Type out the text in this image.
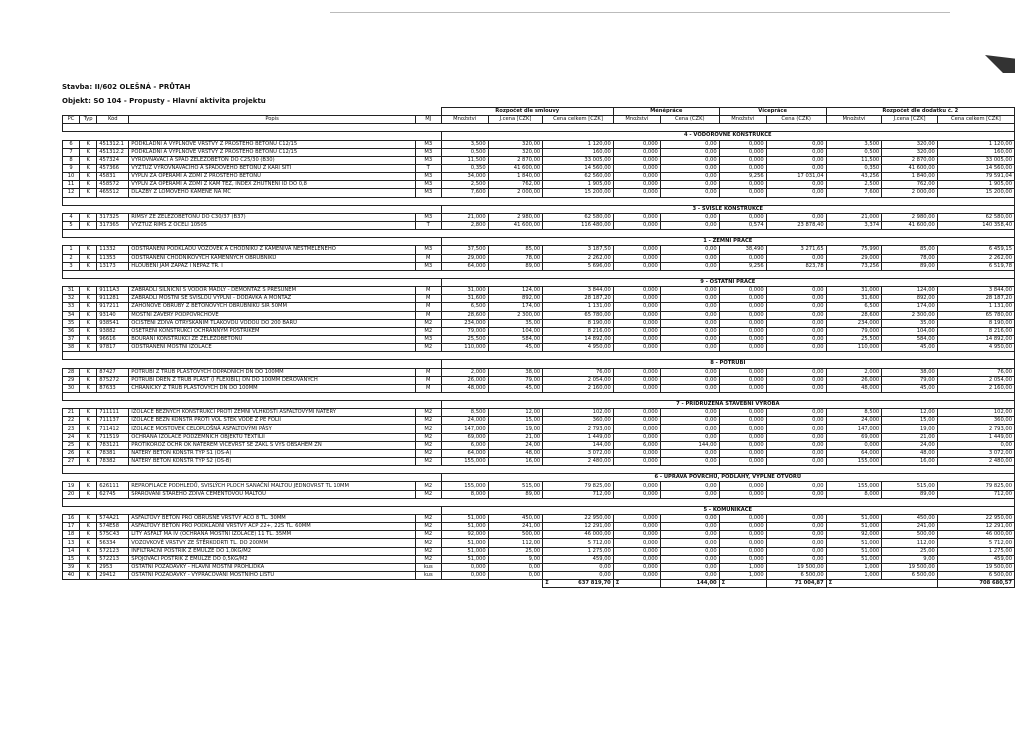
Stavba: II/602 OLEŠNÁ - PRŮTAH
Objekt: SO 104 - Propusty - Hlavní aktivita projektu
					Rozpočet dle smlouvy			Méněpráce		Vícepráce		Rozpočet dle dodatku č. 2		
PČ	Typ	Kód	Popis	MJ	Množství	J.cena [CZK]	Cena celkem [CZK]	Množství	Cena (CZK)	Množství	Cena (CZK)	Množství	J.cena [CZK]	Cena celkem [CZK]

					4 - VODOROVNÉ KONSTRUKCE									
6	K	451312.1	PODKLADNÍ A VÝPLŇOVÉ VRSTVY Z PROSTÉHO BETONU C12/15	M3	3,500	320,00	1 120,00	0,000	0,00	0,000	0,00	3,500	320,00	1 120,00
7	K	451312.2	PODKLADNÍ A VÝPLŇOVÉ VRSTVY Z PROSTÉHO BETONU C12/15	M3	0,500	320,00	160,00	0,000	0,00	0,000	0,00	0,500	320,00	160,00
8	K	457324	VYROVNÁVACÍ A SPÁD ŽELEZOBETON DO C25/30 (B30)	M3	11,500	2 870,00	33 005,00	0,000	0,00	0,000	0,00	11,500	2 870,00	33 005,00
9	K	457366	VÝZTUŽ VYROVNÁVACÍHO A SPÁDOVÉHO BETONU Z KARI SÍTÍ	T	0,350	41 600,00	14 560,00	0,000	0,00	0,000	0,00	0,350	41 600,00	14 560,00
10	K	45831	VÝPLŇ ZA OPĚRAMI A ZDMI Z PROSTÉHO BETONU	M3	34,000	1 840,00	62 560,00	0,000	0,00	9,256	17 031,04	43,256	1 840,00	79 591,04
11	K	458572	VÝPLŇ ZA OPĚRAMI A ZDMI Z KAM TĚŽ, INDEX ZHUTNĚNÍ ID DO 0,8	M3	2,500	762,00	1 905,00	0,000	0,00	0,000	0,00	2,500	762,00	1 905,00
12	K	465512	DLAŽBY Z LOMOVÉHO KAMENE NA MC	M3	7,600	2 000,00	15 200,00	0,000	0,00	0,000	0,00	7,600	2 000,00	15 200,00

					3 - SVISLÉ KONSTRUKCE									
4	K	317325	ŘÍMSY ZE ŽELEZOBETONU DO C30/37 (B37)	M3	21,000	2 980,00	62 580,00	0,000	0,00	0,000	0,00	21,000	2 980,00	62 580,00
5	K	317365	VÝZTUŽ ŘÍMS Z OCELI 10505	T	2,800	41 600,00	116 480,00	0,000	0,00	0,574	23 878,40	3,374	41 600,00	140 358,40

					1 - ZEMNÍ PRÁCE									
1	K	11332	ODSTRANĚNÍ PODKLADŮ VOZOVEK A CHODNÍKŮ Z KAMENIVA NESTMELENÉHO	M3	37,500	85,00	3 187,50	0,000	0,00	38,490	3 271,65	75,990	85,00	6 459,15
2	K	11353	ODSTRANĚNÍ CHODNÍKOVÝCH KAMENNÝCH OBRUBNÍKŮ	M	29,000	78,00	2 262,00	0,000	0,00	0,000	0,00	29,000	78,00	2 262,00
3	K	13173	HLOUBENÍ JAM ZAPAŽ I NEPAŽ TŘ. I	M3	64,000	89,00	5 696,00	0,000	0,00	9,256	823,78	73,256	89,00	6 519,78

					9 - OSTATNÍ PRÁCE									
31	K	9111A3	ZÁBRADLÍ SILNIČNÍ S VODOR MADLY - DEMONTÁŽ S PŘESUNEM	M	31,000	124,00	3 844,00	0,000	0,00	0,000	0,00	31,000	124,00	3 844,00
32	K	911281	ZÁBRADLÍ MOSTNÍ SE SVISLOU VÝPLNÍ - DODÁVKA A MONTÁŽ	M	31,600	892,00	28 187,20	0,000	0,00	0,000	0,00	31,600	892,00	28 187,20
33	K	917211	ZÁHONOVÉ OBRUBY Z BETONOVÝCH OBRUBNÍKŮ ŠÍŘ 50MM	M	6,500	174,00	1 131,00	0,000	0,00	0,000	0,00	6,500	174,00	1 131,00
34	K	93140	MOSTNÍ ZÁVĚRY PODPOVRCHOVÉ	M	28,600	2 300,00	65 780,00	0,000	0,00	0,000	0,00	28,600	2 300,00	65 780,00
35	K	938541	OČIŠTĚNÍ ZDIVA OTRYSKÁNÍM TLAKOVOU VODOU DO 200 BARŮ	M2	234,000	35,00	8 190,00	0,000	0,00	0,000	0,00	234,000	35,00	8 190,00
36	K	93882	OŠETŘENÍ KONSTRUKCÍ OCHRANNÝM POSTŘIKEM	M2	79,000	104,00	8 216,00	0,000	0,00	0,000	0,00	79,000	104,00	8 216,00
37	K	96616	BOURÁNÍ KONSTRUKCÍ ZE ŽELEZOBETONU	M3	25,500	584,00	14 892,00	0,000	0,00	0,000	0,00	25,500	584,00	14 892,00
38	K	97817	ODSTRANĚNÍ MOSTNÍ IZOLACE	M2	110,000	45,00	4 950,00	0,000	0,00	0,000	0,00	110,000	45,00	4 950,00

					8 - POTRUBÍ									
28	K	87427	POTRUBÍ Z TRUB PLASTOVÝCH ODPADNÍCH DN DO 100MM	M	2,000	38,00	76,00	0,000	0,00	0,000	0,00	2,000	38,00	76,00
29	K	875272	POTRUBÍ DREN Z TRUB PLAST (I FLEXIBIL) DN DO 100MM DĚROVANÝCH	M	26,000	79,00	2 054,00	0,000	0,00	0,000	0,00	26,000	79,00	2 054,00
30	K	87633	CHRÁNIČKY Z TRUB PLASTOVÝCH DN DO 100MM	M	48,000	45,00	2 160,00	0,000	0,00	0,000	0,00	48,000	45,00	2 160,00

					7 - PŘIDRUŽENÁ STAVEBNÍ VÝROBA									
21	K	711111	IZOLACE BĚŽNÝCH KONSTRUKCÍ PROTI ZEMNÍ VLHKOSTI ASFALTOVÝMI NÁTĚRY	M2	8,500	12,00	102,00	0,000	0,00	0,000	0,00	8,500	12,00	102,00
22	K	711137	IZOLACE BĚŽN KONSTR PROTI VOL STÉK VODĚ Z PE FÓLIÍ	M2	24,000	15,00	360,00	0,000	0,00	0,000	0,00	24,000	15,00	360,00
23	K	711412	IZOLACE MOSTOVEK CELOPLOŠNÁ ASFALTOVÝMI PÁSY	M2	147,000	19,00	2 793,00	0,000	0,00	0,000	0,00	147,000	19,00	2 793,00
24	K	711519	OCHRANA IZOLACE PODZEMNÍCH OBJEKTŮ TEXTILIÍ	M2	69,000	21,00	1 449,00	0,000	0,00	0,000	0,00	69,000	21,00	1 449,00
25	K	783121	PROTIKOROZ OCHR OK NÁTĚREM VÍCEVRST SE ZÁKL S VYS OBSAHEM ZN	M2	6,000	24,00	144,00	6,000	144,00	0,000	0,00	0,000	24,00	0,00
26	K	78381	NÁTĚRY BETON KONSTR TYP S1 (OS-A)	M2	64,000	48,00	3 072,00	0,000	0,00	0,000	0,00	64,000	48,00	3 072,00
27	K	78382	NÁTĚRY BETON KONSTR TYP S2 (OS-B)	M2	155,000	16,00	2 480,00	0,000	0,00	0,000	0,00	155,000	16,00	2 480,00

					6 - ÚPRAVA POVRCHŮ, PODLAHY, VÝPLNĚ OTVORŮ									
19	K	626111	REPROFILACE PODHLEDŮ, SVISLÝCH PLOCH SANAČNÍ MALTOU JEDNOVRST TL 10MM	M2	155,000	515,00	79 825,00	0,000	0,00	0,000	0,00	155,000	515,00	79 825,00
20	K	62745	SPÁROVÁNÍ STARÉHO ZDIVA CEMENTOVOU MALTOU	M2	8,000	89,00	712,00	0,000	0,00	0,000	0,00	8,000	89,00	712,00

					5 - KOMUNIKACE									
16	K	574A21	ASFALTOVÝ BETON PRO OBRUSNÉ VRSTVY ACO 8 TL. 30MM	M2	51,000	450,00	22 950,00	0,000	0,00	0,000	0,00	51,000	450,00	22 950,00
17	K	574E58	ASFALTOVÝ BETON PRO PODKLADNÍ VRSTVY ACP 22+, 22S TL. 60MM	M2	51,000	241,00	12 291,00	0,000	0,00	0,000	0,00	51,000	241,00	12 291,00
18	K	575C43	LITÝ ASFALT MA IV (OCHRANA MOSTNÍ IZOLACE) 11 TL. 35MM	M2	92,000	500,00	46 000,00	0,000	0,00	0,000	0,00	92,000	500,00	46 000,00
13	K	56334	VOZOVKOVÉ VRSTVY ZE ŠTĚRKODRTI TL. DO 200MM	M2	51,000	112,00	5 712,00	0,000	0,00	0,000	0,00	51,000	112,00	5 712,00
14	K	572123	INFILTRAČNÍ POSTŘIK Z EMULZE DO 1,0KG/M2	M2	51,000	25,00	1 275,00	0,000	0,00	0,000	0,00	51,000	25,00	1 275,00
15	K	572213	SPOJOVACÍ POSTŘIK Z EMULZE DO 0,5KG/M2	M2	51,000	9,00	459,00	0,000	0,00	0,000	0,00	51,000	9,00	459,00
39	K	2953	OSTATNÍ POŽADAVKY - HLAVNÍ MOSTNÍ PROHLÍDKA	kus	0,000	0,00	0,00	0,000	0,00	1,000	19 500,00	1,000	19 500,00	19 500,00
40	K	29412	OSTATNÍ POŽADAVKY - VYPRACOVÁNÍ MOSTNÍHO LISTU	kus	0,000	0,00	0,00	0,000	0,00	1,000	6 500,00	1,000	6 500,00	6 500,00

							Σ 637 819,70	Σ	144,00	Σ	71 004,87	Σ		708 680,57
